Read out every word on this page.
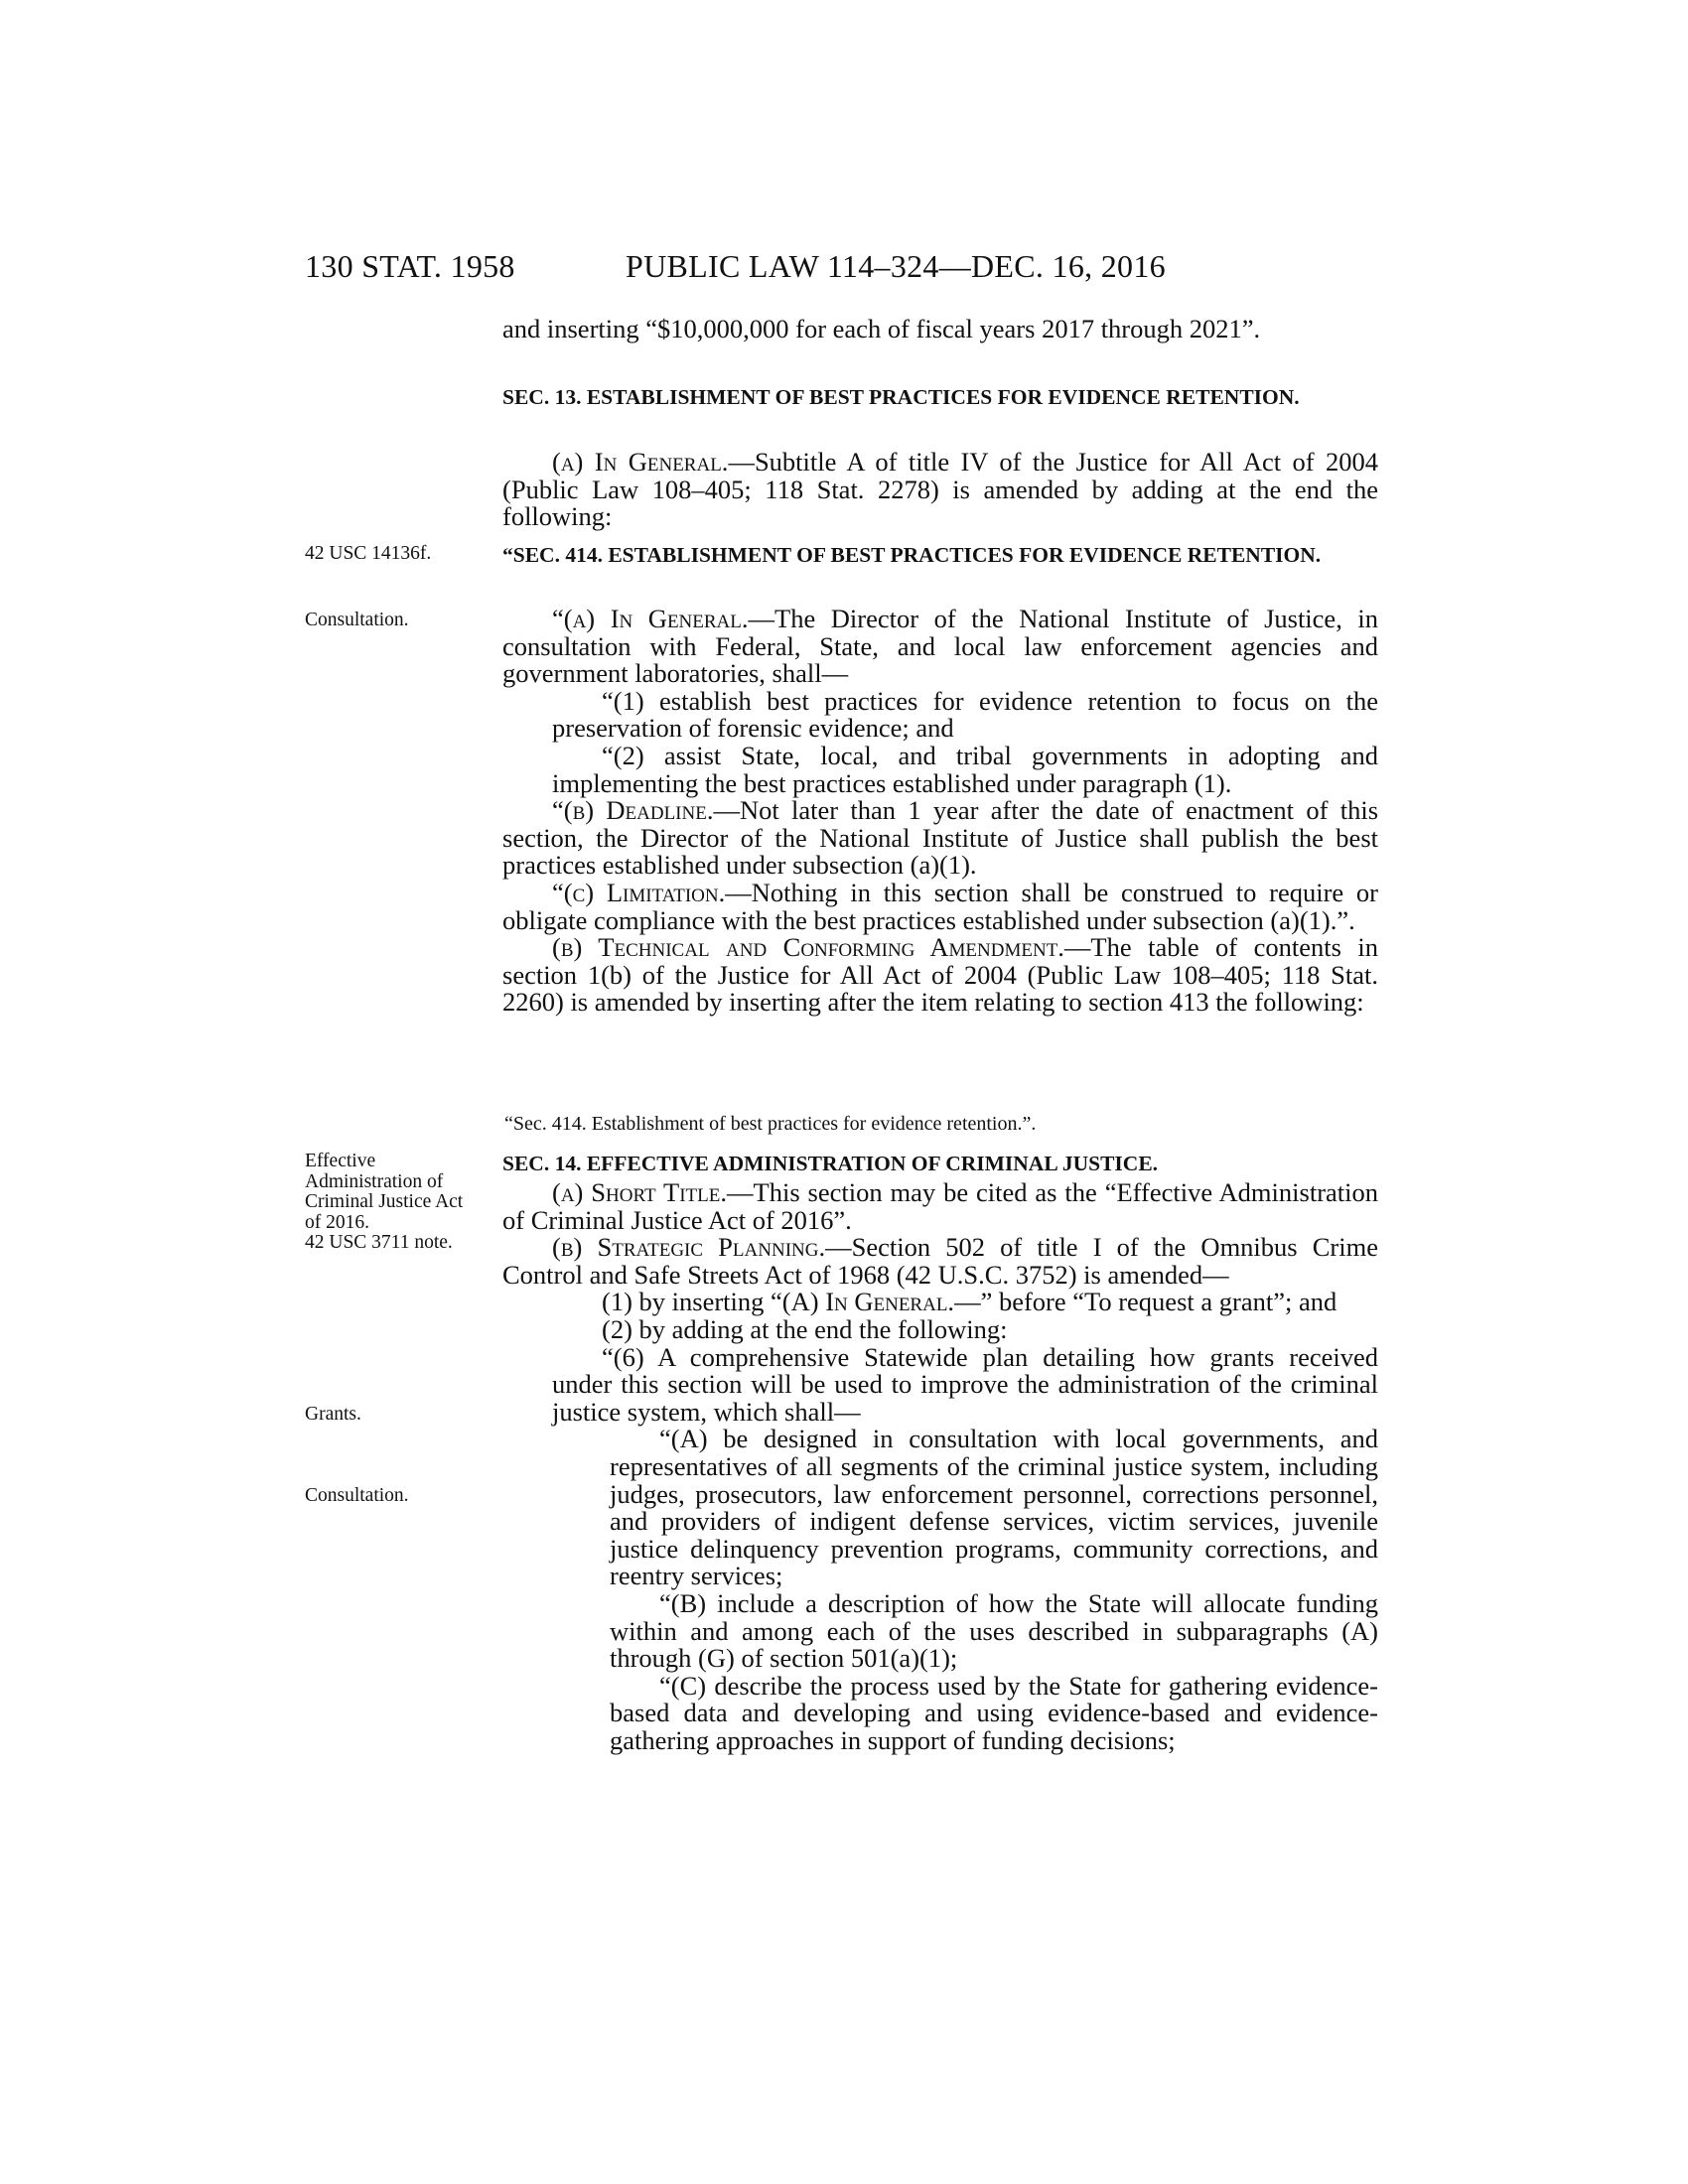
130 STAT. 1958	PUBLIC LAW 114–324—DEC. 16, 2016
42 USC 14136f.
Consultation.
Effective Administration of Criminal Justice Act of 2016.
42 USC 3711 note.
Grants.
Consultation.

and inserting “$10,000,000 for each of fiscal years 2017 through 2021”.

SEC. 13. ESTABLISHMENT OF BEST PRACTICES FOR EVIDENCE RETENTION.

(a) In General.—Subtitle A of title IV of the Justice for All Act of 2004 (Public Law 108–405; 118 Stat. 2278) is amended by adding at the end the following:

“SEC. 414. ESTABLISHMENT OF BEST PRACTICES FOR EVIDENCE RETENTION.

“(a) In General.—The Director of the National Institute of Justice, in consultation with Federal, State, and local law enforcement agencies and government laboratories, shall—

“(1) establish best practices for evidence retention to focus on the preservation of forensic evidence; and

“(2) assist State, local, and tribal governments in adopting and implementing the best practices established under paragraph (1).

“(b) Deadline.—Not later than 1 year after the date of enactment of this section, the Director of the National Institute of Justice shall publish the best practices established under subsection (a)(1).

“(c) Limitation.—Nothing in this section shall be construed to require or obligate compliance with the best practices established under subsection (a)(1).”.

(b) Technical and Conforming Amendment.—The table of contents in section 1(b) of the Justice for All Act of 2004 (Public Law 108–405; 118 Stat. 2260) is amended by inserting after the item relating to section 413 the following:

“Sec. 414. Establishment of best practices for evidence retention.”.

SEC. 14. EFFECTIVE ADMINISTRATION OF CRIMINAL JUSTICE.

(a) Short Title.—This section may be cited as the “Effective Administration of Criminal Justice Act of 2016”.

(b) Strategic Planning.—Section 502 of title I of the Omnibus Crime Control and Safe Streets Act of 1968 (42 U.S.C. 3752) is amended—

(1) by inserting “(A) In General.—” before “To request a grant”; and

(2) by adding at the end the following:

“(6) A comprehensive Statewide plan detailing how grants received under this section will be used to improve the administration of the criminal justice system, which shall—

“(A) be designed in consultation with local governments, and representatives of all segments of the criminal justice system, including judges, prosecutors, law enforcement personnel, corrections personnel, and providers of indigent defense services, victim services, juvenile justice delinquency prevention programs, community corrections, and reentry services;

“(B) include a description of how the State will allocate funding within and among each of the uses described in subparagraphs (A) through (G) of section 501(a)(1);

“(C) describe the process used by the State for gathering evidence-based data and developing and using evidence-based and evidence-gathering approaches in support of funding decisions;
